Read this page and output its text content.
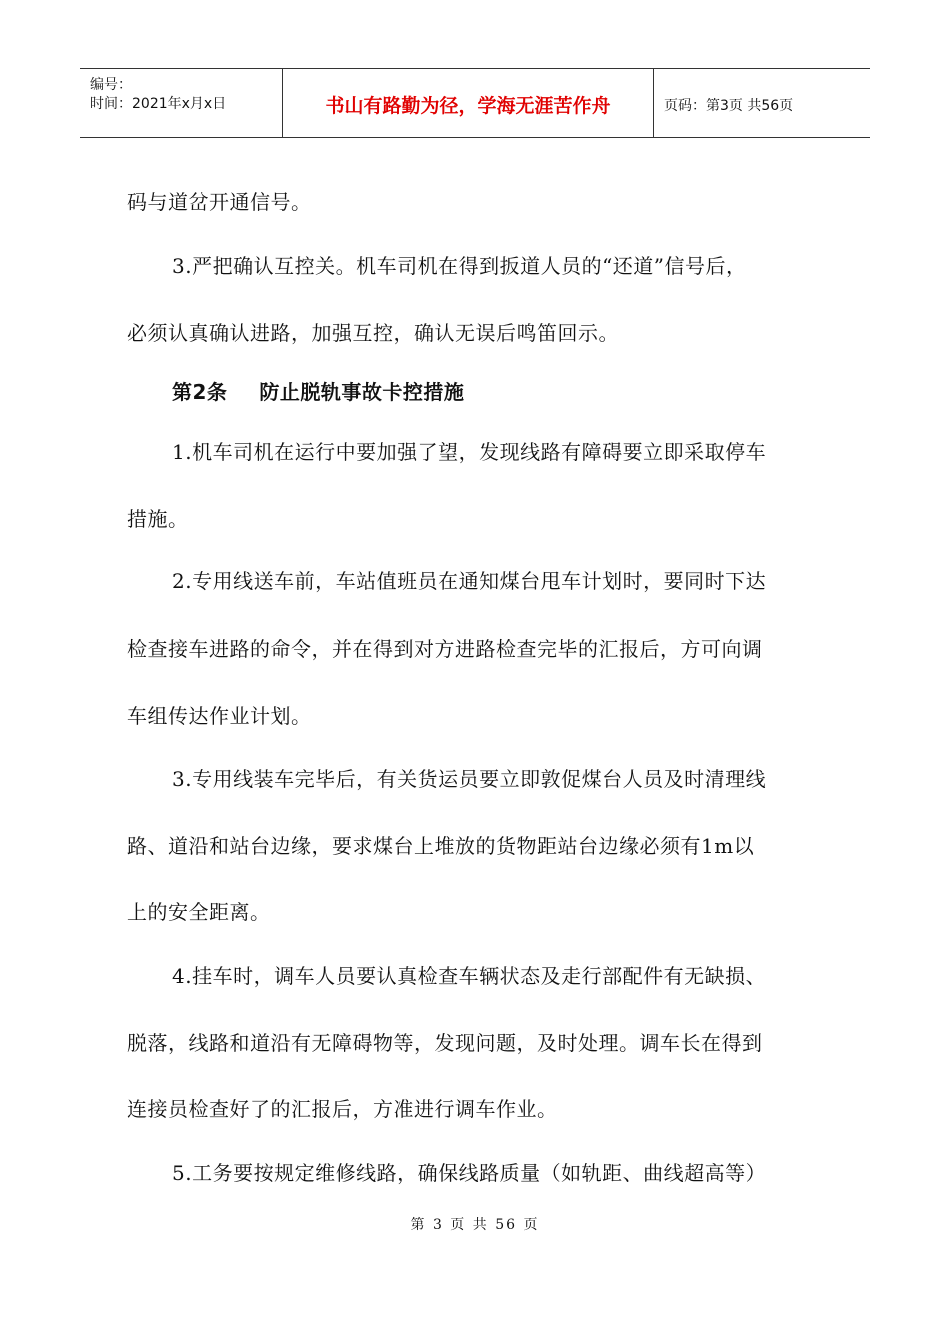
编号：
时间：2021年x月x日	书山有路勤为径，学海无涯苦作舟	页码：第3页 共56页
码与道岔开通信号。
3.严把确认互控关。机车司机在得到扳道人员的“还道”信号后，
必须认真确认进路，加强互控，确认无误后鸣笛回示。
第2条 防止脱轨事故卡控措施
1.机车司机在运行中要加强了望，发现线路有障碍要立即采取停车
措施。
2.专用线送车前，车站值班员在通知煤台甩车计划时，要同时下达
检查接车进路的命令，并在得到对方进路检查完毕的汇报后，方可向调
车组传达作业计划。
3.专用线装车完毕后，有关货运员要立即敦促煤台人员及时清理线
路、道沿和站台边缘，要求煤台上堆放的货物距站台边缘必须有1m以
上的安全距离。
4.挂车时，调车人员要认真检查车辆状态及走行部配件有无缺损、
脱落，线路和道沿有无障碍物等，发现问题，及时处理。调车长在得到
连接员检查好了的汇报后，方准进行调车作业。
5.工务要按规定维修线路，确保线路质量（如轨距、曲线超高等）
第 3 页 共 56 页
